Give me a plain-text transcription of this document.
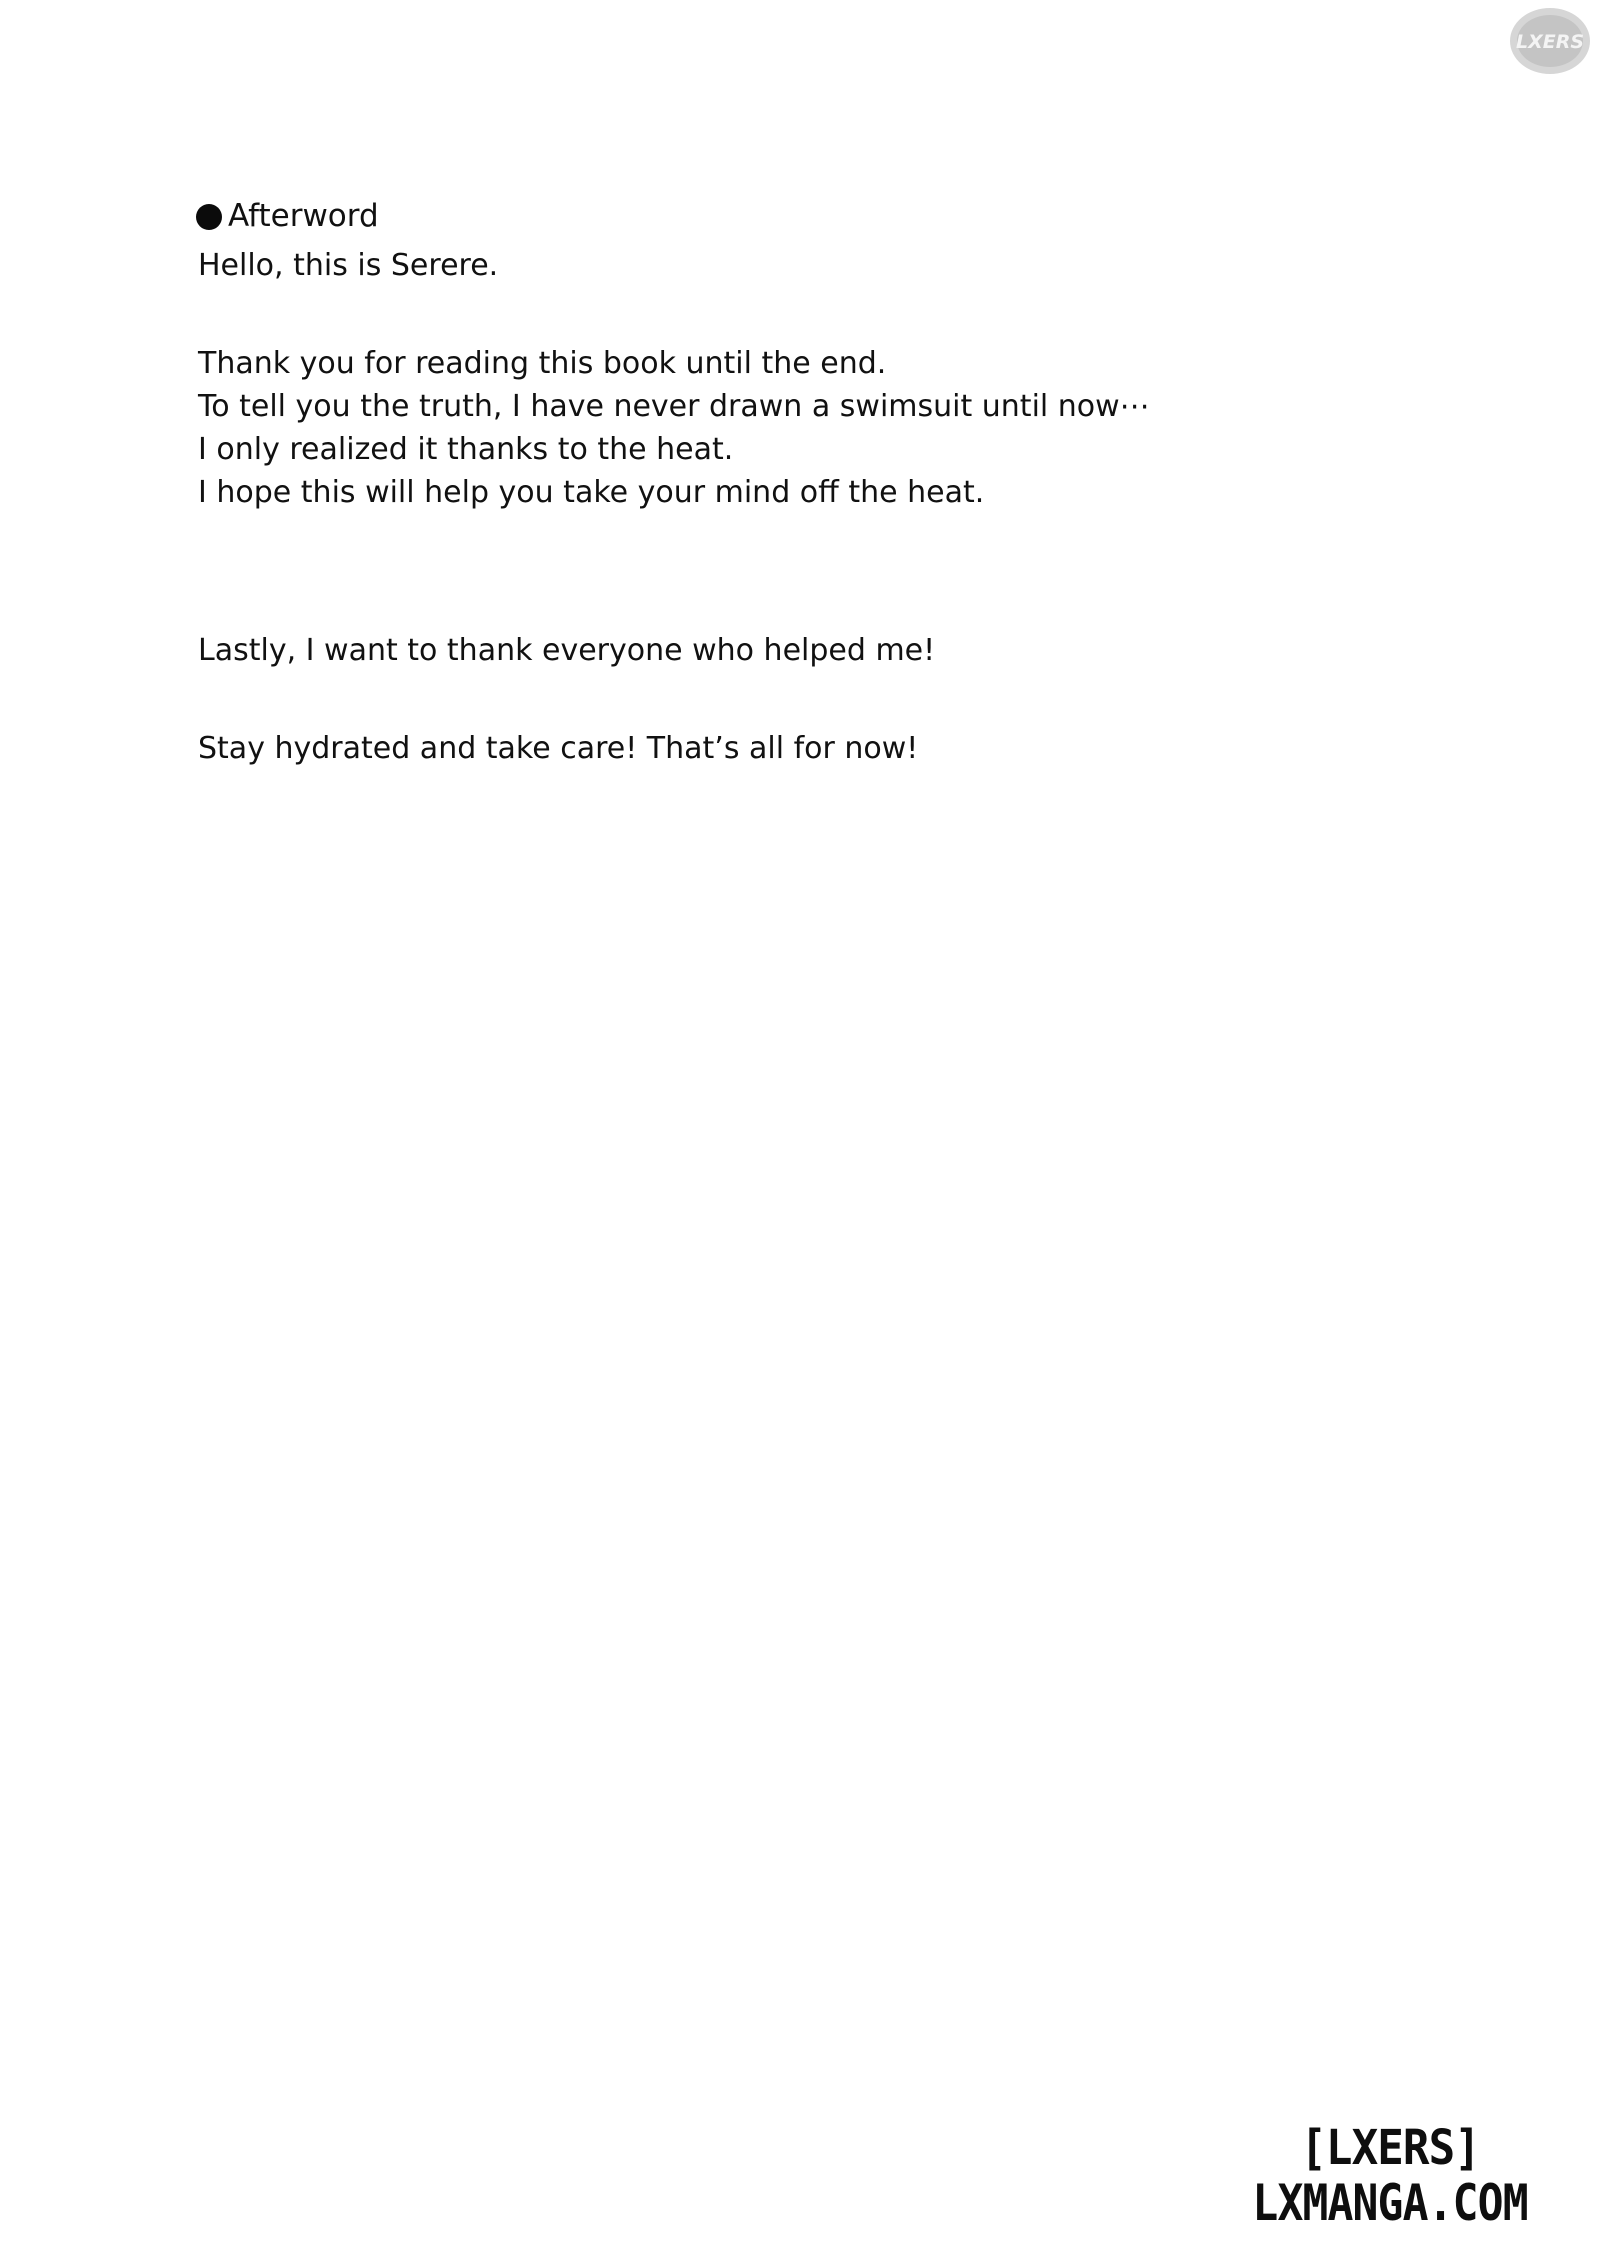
LXERS
Afterword
Hello, this is Serere.
Thank you for reading this book until the end.
To tell you the truth, I have never drawn a swimsuit until now⋯
I only realized it thanks to the heat.
I hope this will help you take your mind off the heat.
Lastly, I want to thank everyone who helped me!
Stay hydrated and take care! That’s all for now!
[LXERS]
LXMANGA.COM
